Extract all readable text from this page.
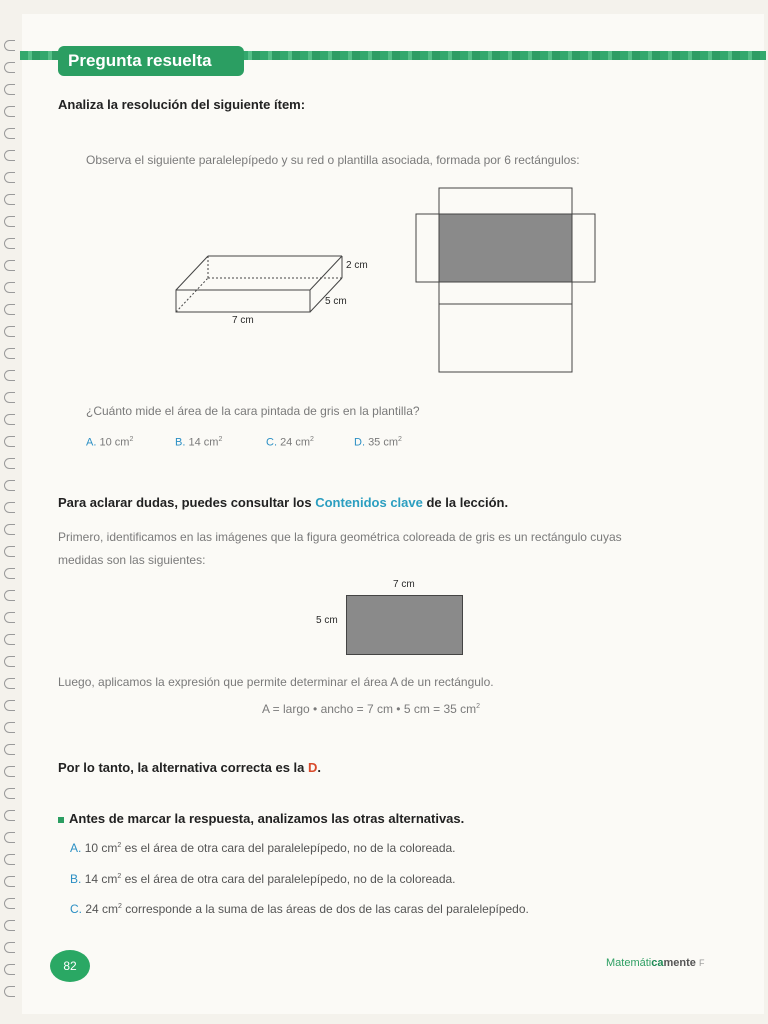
Pregunta resuelta
Analiza la resolución del siguiente ítem:
Observa el siguiente paralelepípedo y su red o plantilla asociada, formada por 6 rectángulos:
2 cm
5 cm
7 cm
¿Cuánto mide el área de la cara pintada de gris en la plantilla?
A. 10 $cm^2$	B. 14 $cm^2$	C. 24 $cm^2$	D. 35 $cm^2$
Para aclarar dudas, puedes consultar los Contenidos clave de la lección.
Primero, identificamos en las imágenes que la figura geométrica coloreada de gris es un rectángulo cuyas
medidas son las siguientes:
7 cm
5 cm
Luego, aplicamos la expresión que permite determinar el área A de un rectángulo.
A = largo • ancho = 7 cm • 5 cm = 35 $cm^2$
Por lo tanto, la alternativa correcta es la D.
Antes de marcar la respuesta, analizamos las otras alternativas.
A. 10 $cm^2$ es el área de otra cara del paralelepípedo, no de la coloreada.
B. 14 $cm^2$ es el área de otra cara del paralelepípedo, no de la coloreada.
C. 24 $cm^2$ corresponde a la suma de las áreas de dos de las caras del paralelepípedo.
82	Matemáticamente F
